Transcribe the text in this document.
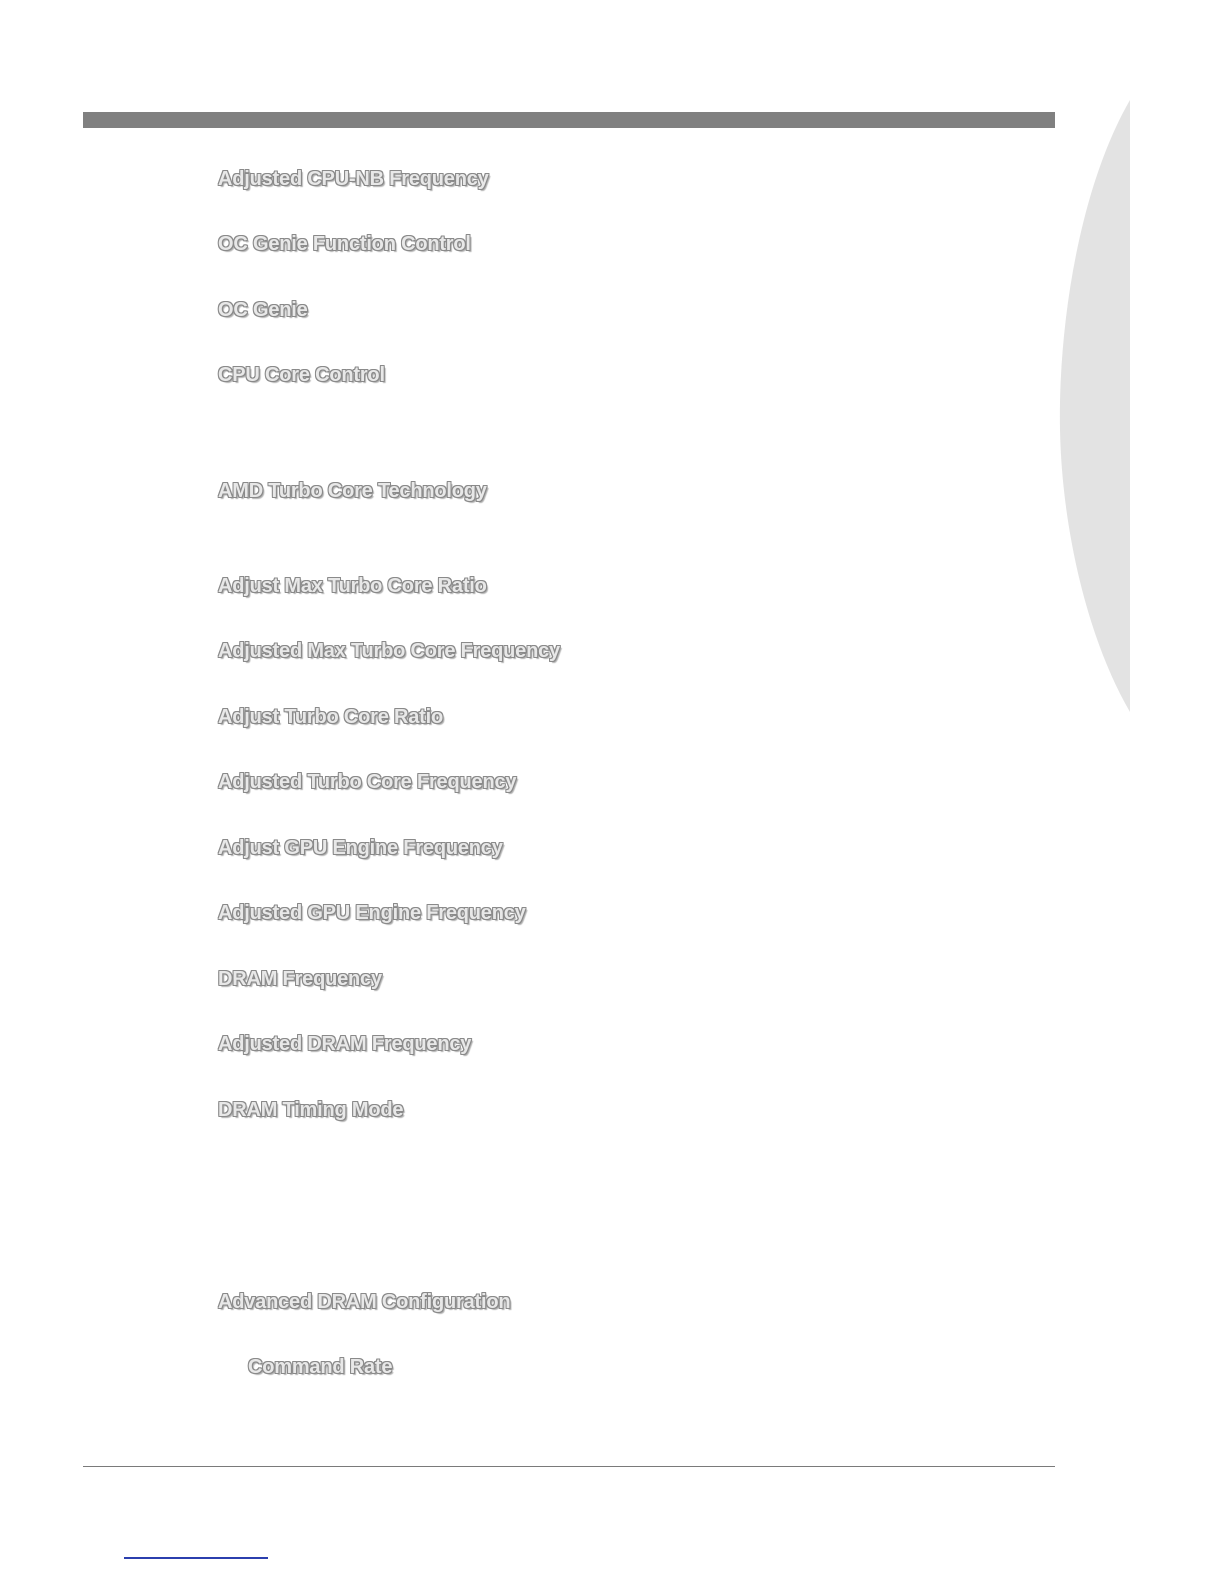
Adjusted CPU-NB Frequency
OC Genie Function Control
OC Genie
CPU Core Control
AMD Turbo Core Technology
Adjust Max Turbo Core Ratio
Adjusted Max Turbo Core Frequency
Adjust Turbo Core Ratio
Adjusted Turbo Core Frequency
Adjust GPU Engine Frequency
Adjusted GPU Engine Frequency
DRAM Frequency
Adjusted DRAM Frequency
DRAM Timing Mode
Advanced DRAM Configuration
Command Rate
